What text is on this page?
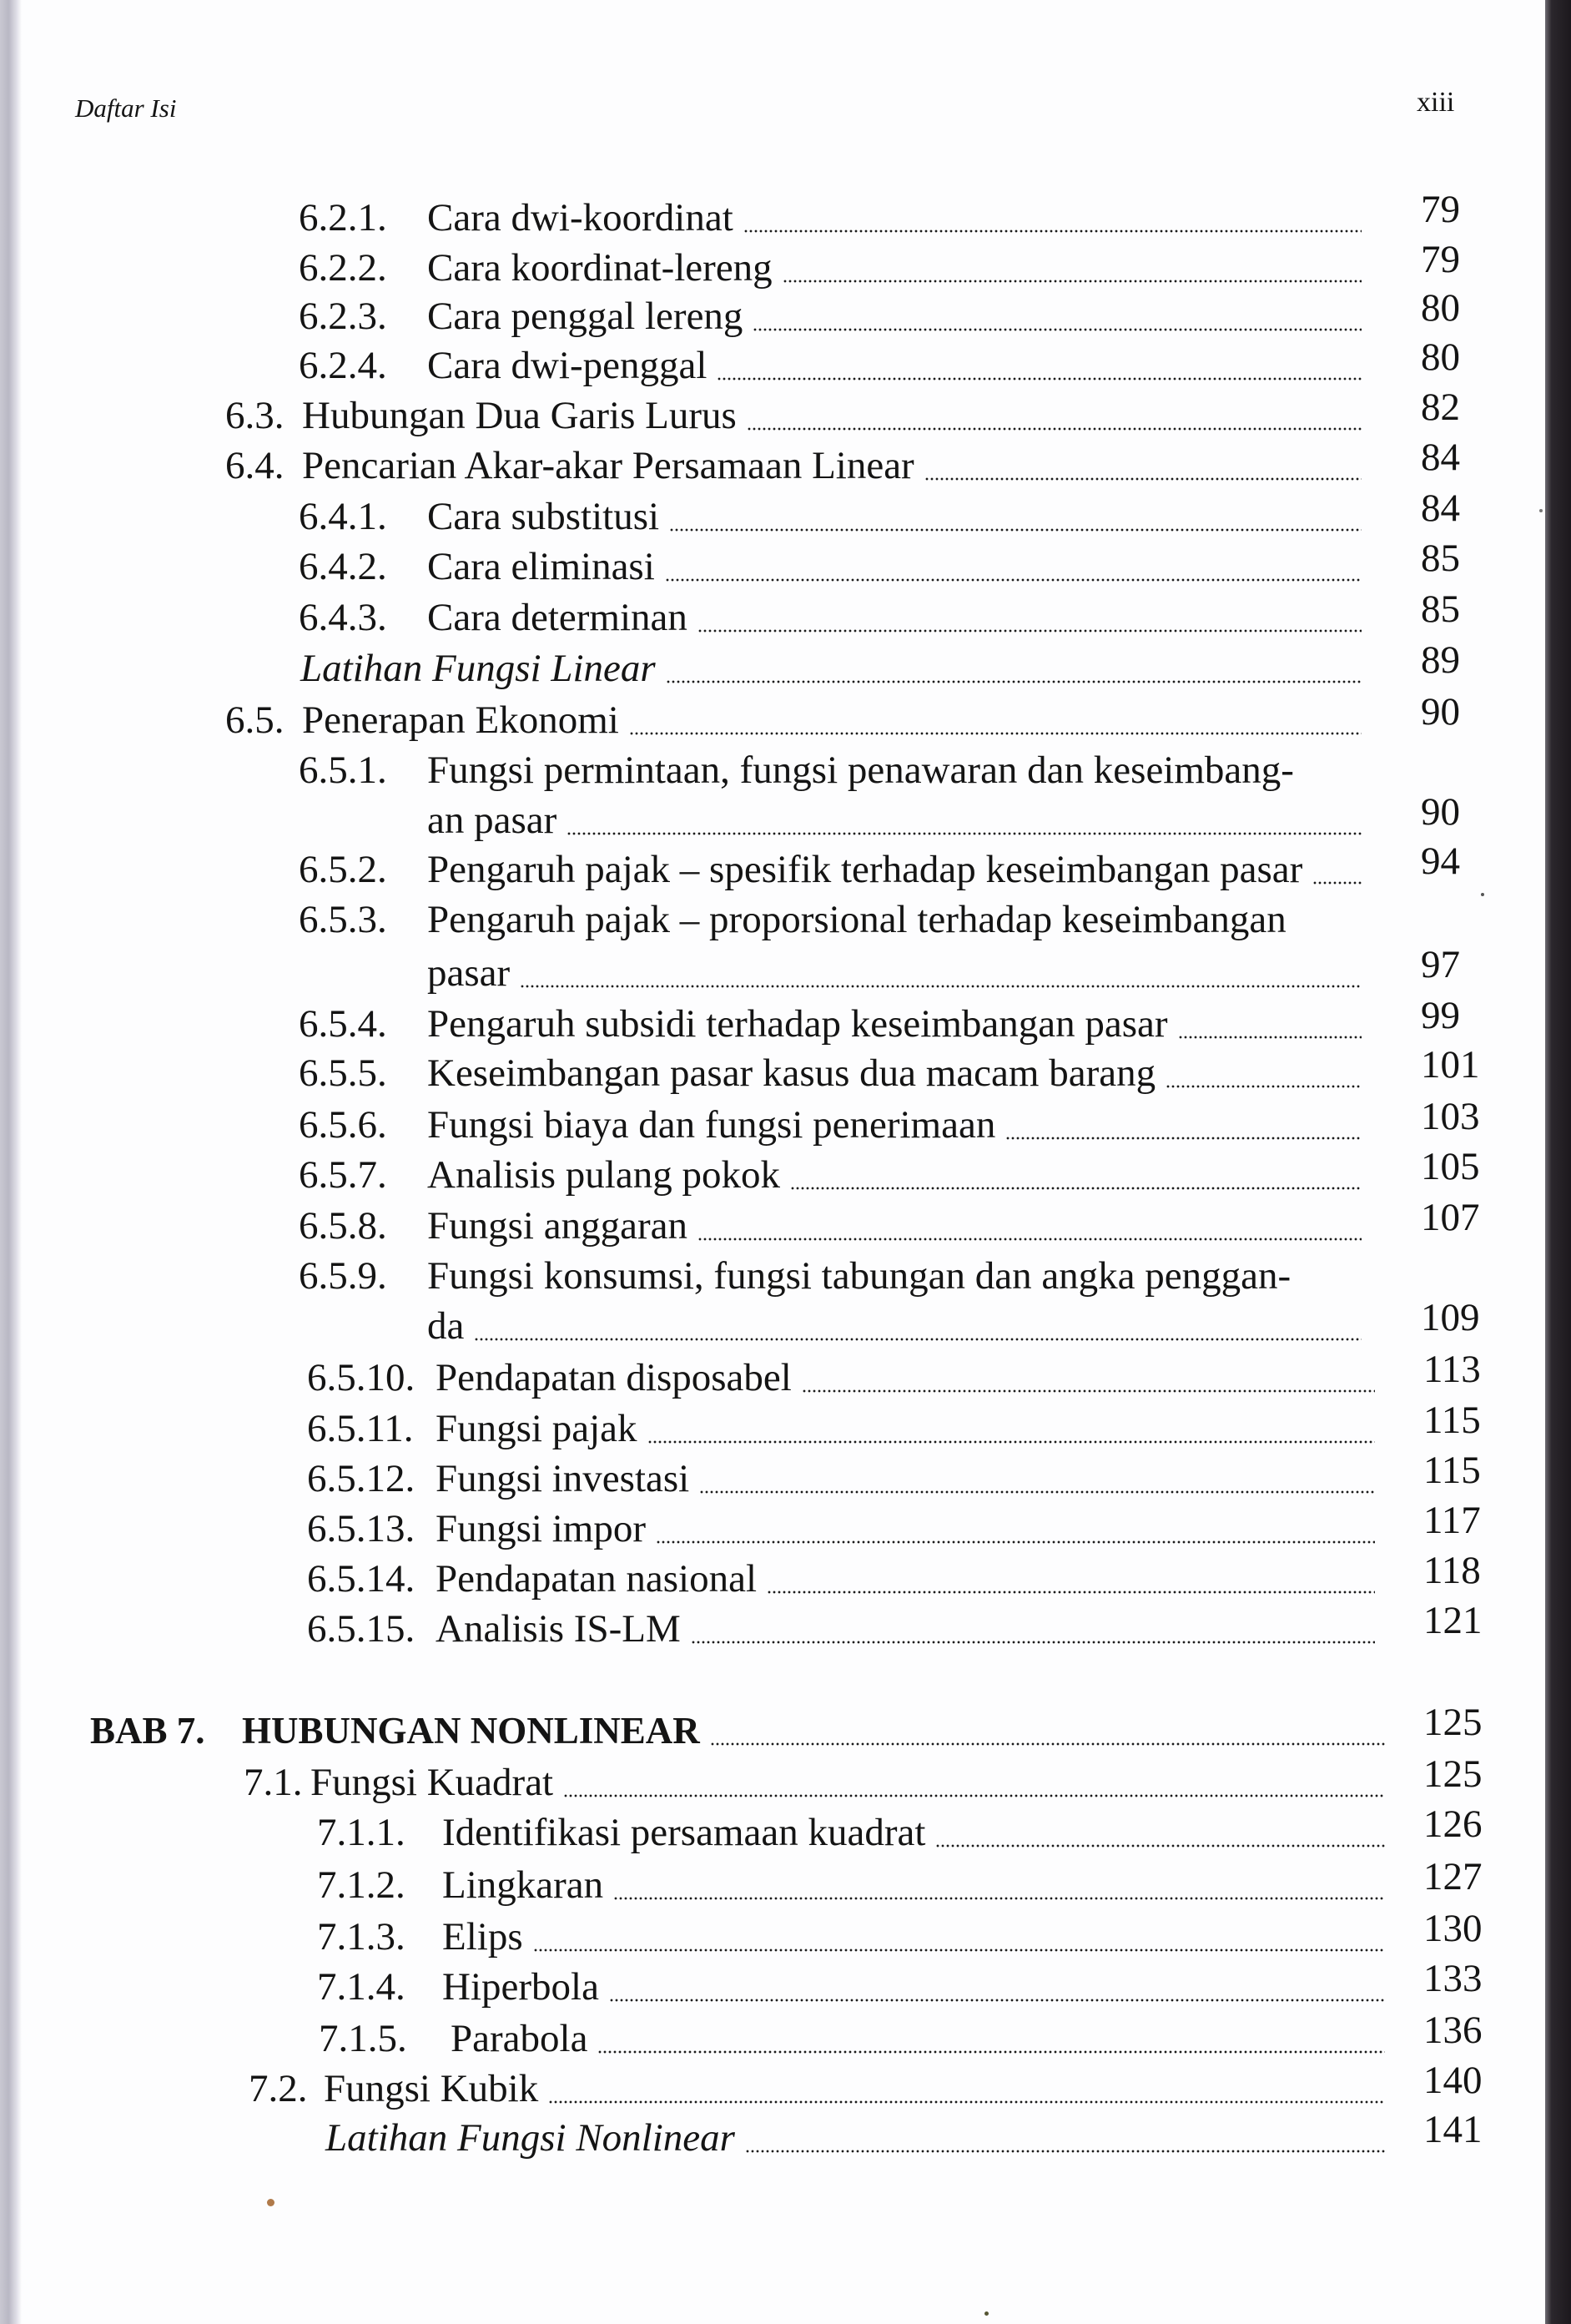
Daftar Isi	xiii
6.2.1. Cara dwi-koordinat	79
6.2.2. Cara koordinat-lereng	79
6.2.3. Cara penggal lereng	80
6.2.4. Cara dwi-penggal	80
6.3. Hubungan Dua Garis Lurus	82
6.4. Pencarian Akar-akar Persamaan Linear	84
6.4.1. Cara substitusi	84
6.4.2. Cara eliminasi	85
6.4.3. Cara determinan	85
Latihan Fungsi Linear	89
6.5. Penerapan Ekonomi	90
6.5.1. Fungsi permintaan, fungsi penawaran dan keseimbang-
an pasar	90
6.5.2. Pengaruh pajak – spesifik terhadap keseimbangan pasar	94
6.5.3. Pengaruh pajak – proporsional terhadap keseimbangan
pasar	97
6.5.4. Pengaruh subsidi terhadap keseimbangan pasar	99
6.5.5. Keseimbangan pasar kasus dua macam barang	101
6.5.6. Fungsi biaya dan fungsi penerimaan	103
6.5.7. Analisis pulang pokok	105
6.5.8. Fungsi anggaran	107
6.5.9. Fungsi konsumsi, fungsi tabungan dan angka penggan-
da	109
6.5.10. Pendapatan disposabel	113
6.5.11. Fungsi pajak	115
6.5.12. Fungsi investasi	115
6.5.13. Fungsi impor	117
6.5.14. Pendapatan nasional	118
6.5.15. Analisis IS-LM	121
BAB 7. HUBUNGAN NONLINEAR	125
7.1. Fungsi Kuadrat	125
7.1.1. Identifikasi persamaan kuadrat	126
7.1.2. Lingkaran	127
7.1.3. Elips	130
7.1.4. Hiperbola	133
7.1.5. Parabola	136
7.2. Fungsi Kubik	140
Latihan Fungsi Nonlinear	141
